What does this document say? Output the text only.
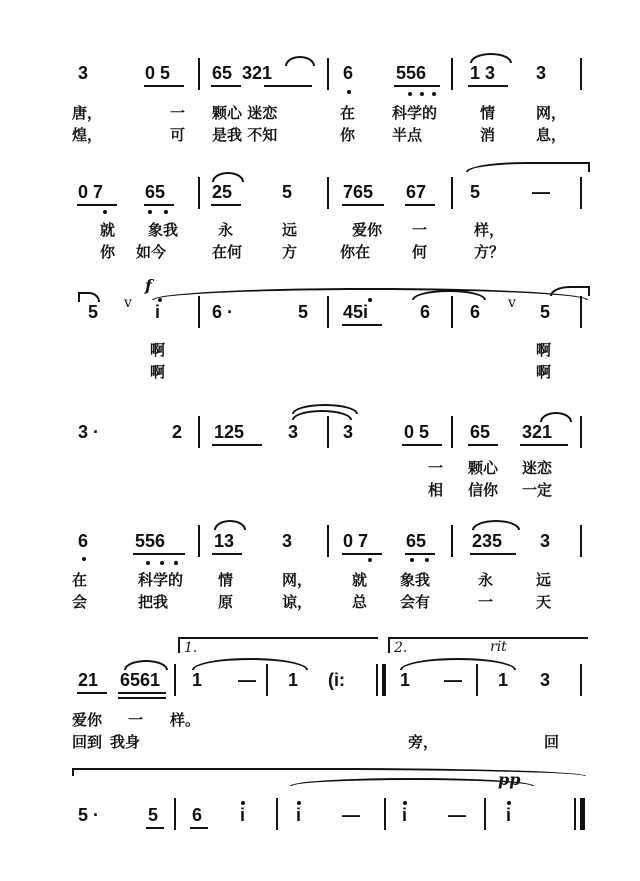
3	0 5 65  321	6 556 1 3 3
唐，	一 颗心 迷恋	在 科学的	情	网，
煌，	可 是我 不知	你 半点	消	息，
0 7 65	25	5	765 67 5	—
就 象我	永	远	爱你 一	样，
你 如今	在何	方	你在	何	方？
f
5 v i	6 ·	5 45i	6 6 v 5
啊	啊
啊	啊
3 ·	2 125 3 3	0 5 65 321
一 颗心 迷恋
相 信你 一定
6	556	13	3	0 7 65	235 3
在	科学的 情	网，	就 象我	永	远
会	把我	原	谅，	总 会有	一	天
1.	2.	rit
21 6561 1 — 1 (i:	1 — 1 3
爱你 一 样。
回到 我身	旁，	回
pp
5 ·	5 6 i	i — i — i
